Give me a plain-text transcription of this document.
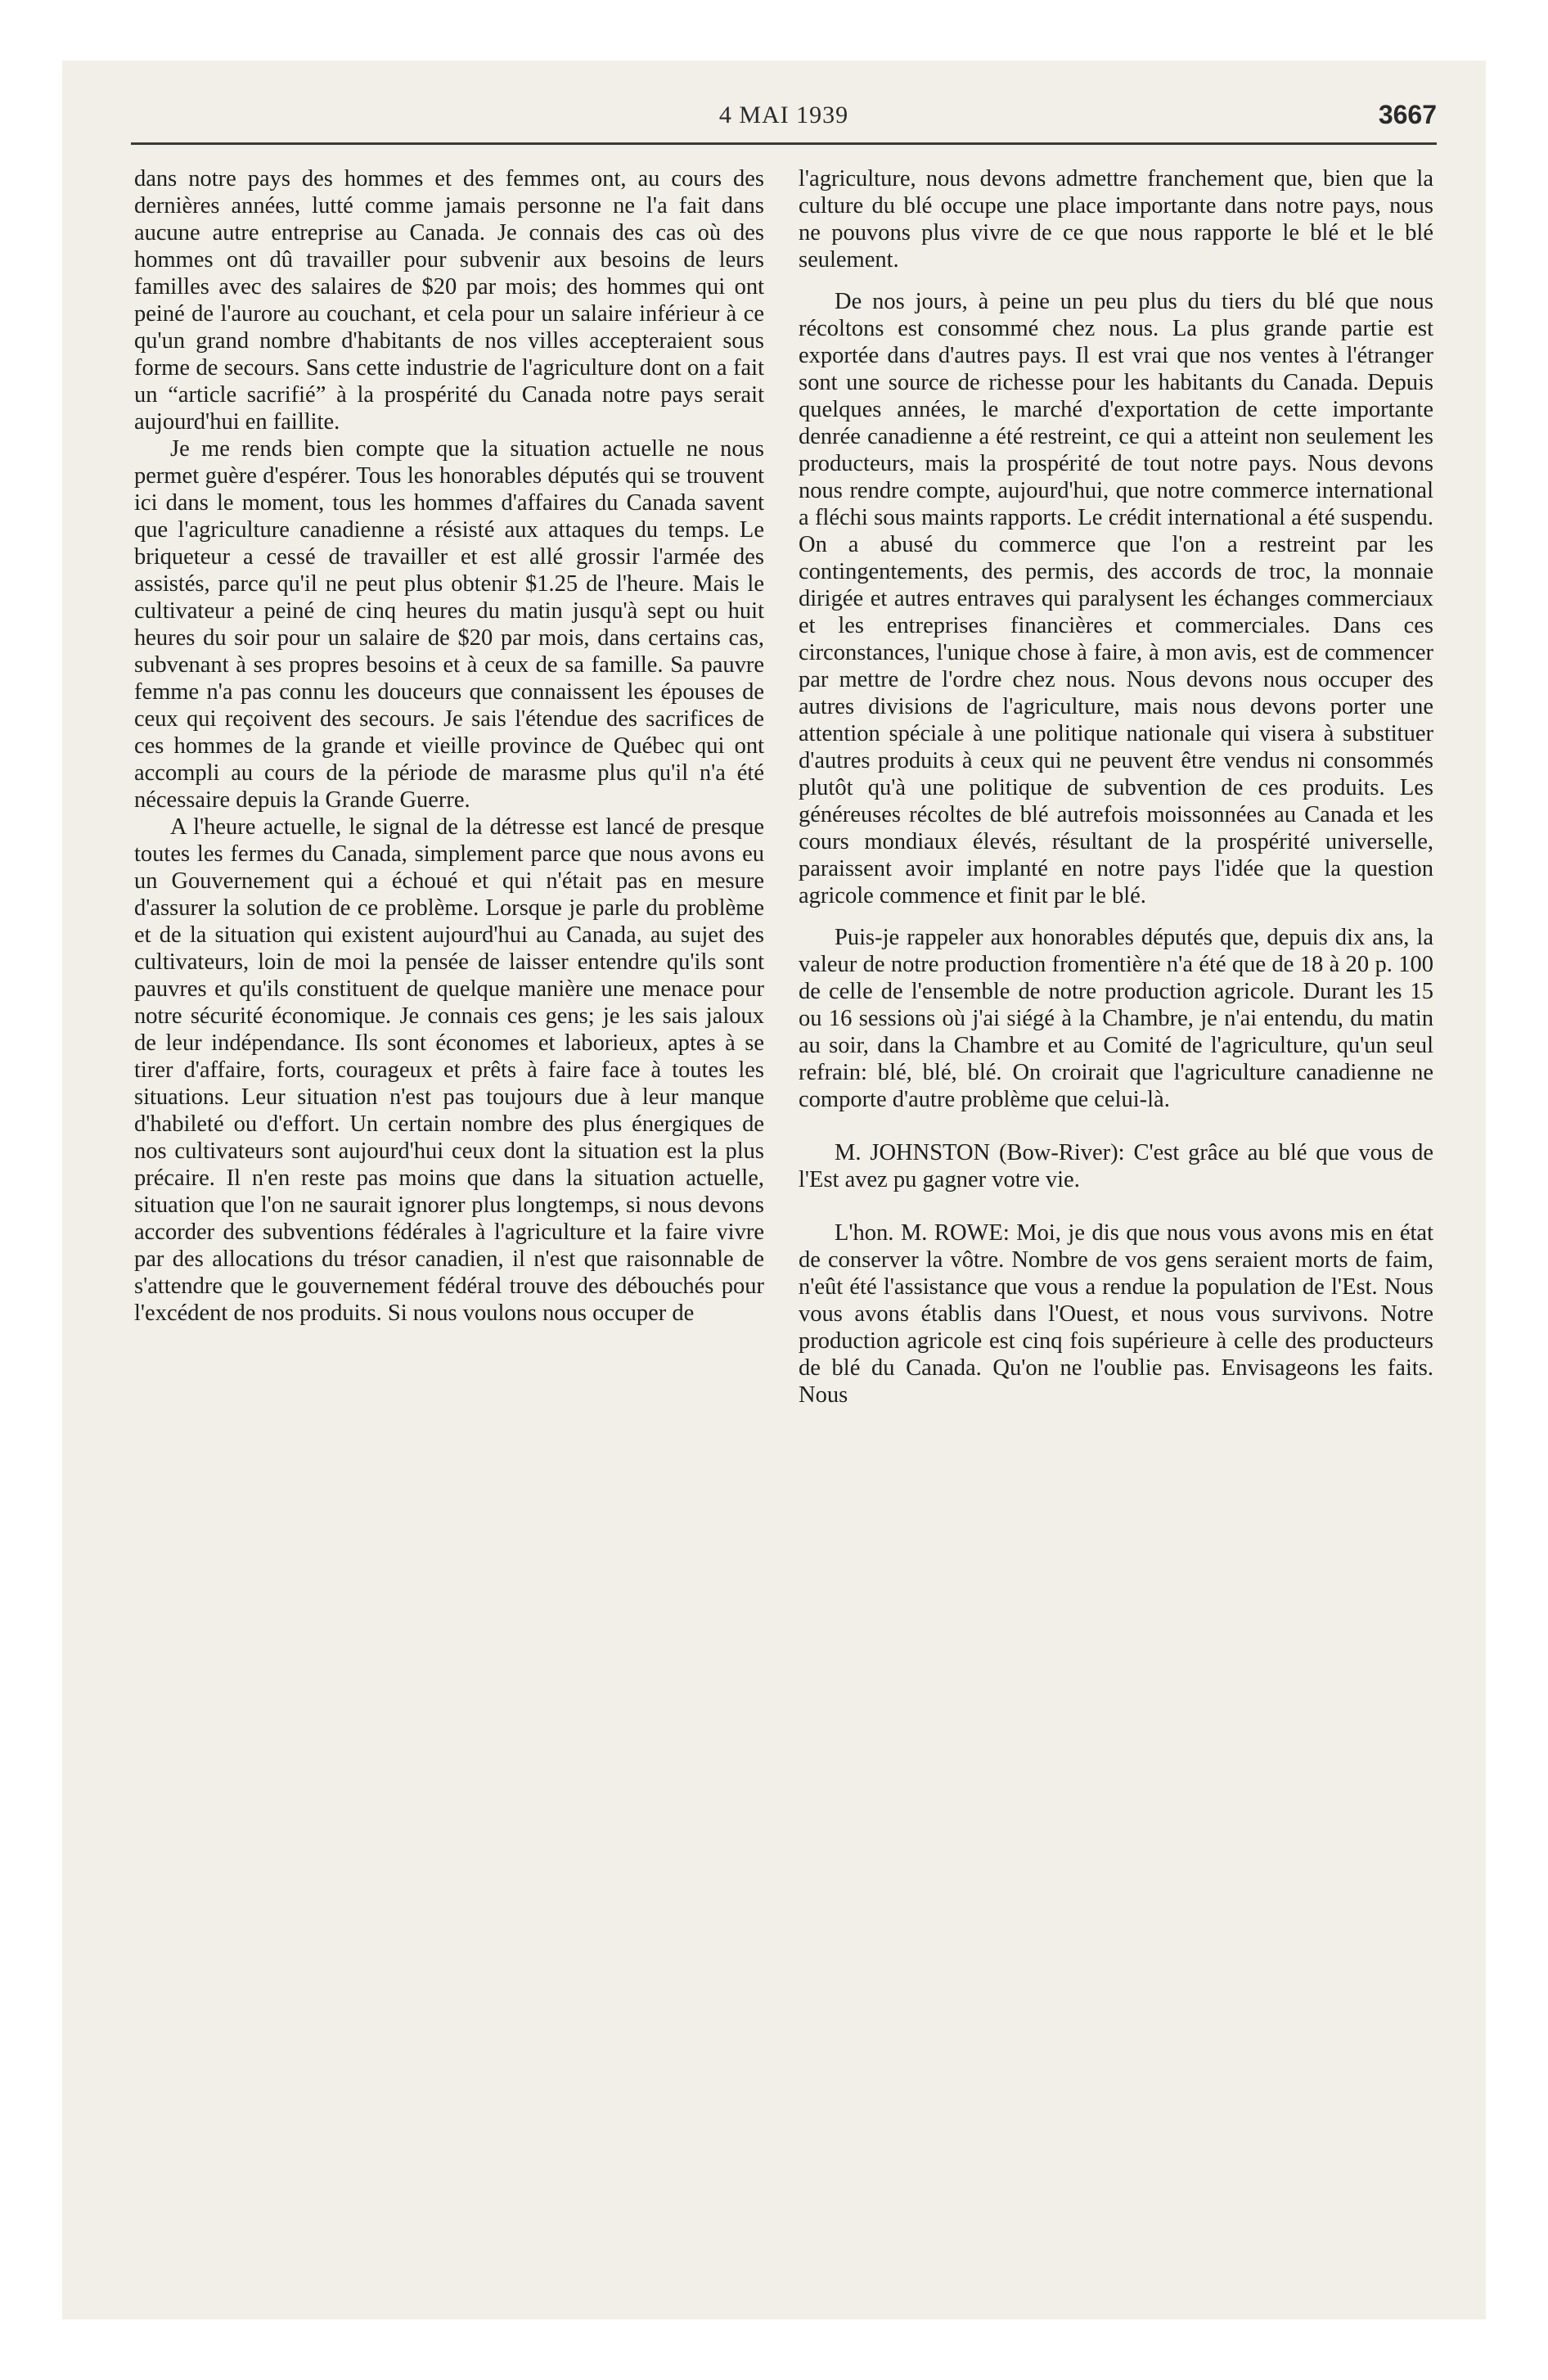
4 MAI 1939	3667

dans notre pays des hommes et des femmes ont, au cours des dernières années, lutté comme jamais personne ne l'a fait dans aucune autre entreprise au Canada. Je connais des cas où des hommes ont dû travailler pour subvenir aux besoins de leurs familles avec des salaires de $20 par mois; des hommes qui ont peiné de l'aurore au couchant, et cela pour un salaire inférieur à ce qu'un grand nombre d'habitants de nos villes accepteraient sous forme de secours. Sans cette industrie de l'agriculture dont on a fait un “article sacrifié” à la prospérité du Canada notre pays serait aujourd'hui en faillite.

Je me rends bien compte que la situation actuelle ne nous permet guère d'espérer. Tous les honorables députés qui se trouvent ici dans le moment, tous les hommes d'affaires du Canada savent que l'agriculture canadienne a résisté aux attaques du temps. Le briqueteur a cessé de travailler et est allé grossir l'armée des assistés, parce qu'il ne peut plus obtenir $1.25 de l'heure. Mais le cultivateur a peiné de cinq heures du matin jusqu'à sept ou huit heures du soir pour un salaire de $20 par mois, dans certains cas, subvenant à ses propres besoins et à ceux de sa famille. Sa pauvre femme n'a pas connu les douceurs que connaissent les épouses de ceux qui reçoivent des secours. Je sais l'étendue des sacrifices de ces hommes de la grande et vieille province de Québec qui ont accompli au cours de la période de marasme plus qu'il n'a été nécessaire depuis la Grande Guerre.

A l'heure actuelle, le signal de la détresse est lancé de presque toutes les fermes du Canada, simplement parce que nous avons eu un Gouvernement qui a échoué et qui n'était pas en mesure d'assurer la solution de ce problème. Lorsque je parle du problème et de la situation qui existent aujourd'hui au Canada, au sujet des cultivateurs, loin de moi la pensée de laisser entendre qu'ils sont pauvres et qu'ils constituent de quelque manière une menace pour notre sécurité économique. Je connais ces gens; je les sais jaloux de leur indépendance. Ils sont économes et laborieux, aptes à se tirer d'affaire, forts, courageux et prêts à faire face à toutes les situations. Leur situation n'est pas toujours due à leur manque d'habileté ou d'effort. Un certain nombre des plus énergiques de nos cultivateurs sont aujourd'hui ceux dont la situation est la plus précaire. Il n'en reste pas moins que dans la situation actuelle, situation que l'on ne saurait ignorer plus longtemps, si nous devons accorder des subventions fédérales à l'agriculture et la faire vivre par des allocations du trésor canadien, il n'est que raisonnable de s'attendre que le gouvernement fédéral trouve des débouchés pour l'excédent de nos produits. Si nous voulons nous occuper de

l'agriculture, nous devons admettre franchement que, bien que la culture du blé occupe une place importante dans notre pays, nous ne pouvons plus vivre de ce que nous rapporte le blé et le blé seulement.

De nos jours, à peine un peu plus du tiers du blé que nous récoltons est consommé chez nous. La plus grande partie est exportée dans d'autres pays. Il est vrai que nos ventes à l'étranger sont une source de richesse pour les habitants du Canada. Depuis quelques années, le marché d'exportation de cette importante denrée canadienne a été restreint, ce qui a atteint non seulement les producteurs, mais la prospérité de tout notre pays. Nous devons nous rendre compte, aujourd'hui, que notre commerce international a fléchi sous maints rapports. Le crédit international a été suspendu. On a abusé du commerce que l'on a restreint par les contingentements, des permis, des accords de troc, la monnaie dirigée et autres entraves qui paralysent les échanges commerciaux et les entreprises financières et commerciales. Dans ces circonstances, l'unique chose à faire, à mon avis, est de commencer par mettre de l'ordre chez nous. Nous devons nous occuper des autres divisions de l'agriculture, mais nous devons porter une attention spéciale à une politique nationale qui visera à substituer d'autres produits à ceux qui ne peuvent être vendus ni consommés plutôt qu'à une politique de subvention de ces produits. Les généreuses récoltes de blé autrefois moissonnées au Canada et les cours mondiaux élevés, résultant de la prospérité universelle, paraissent avoir implanté en notre pays l'idée que la question agricole commence et finit par le blé.

Puis-je rappeler aux honorables députés que, depuis dix ans, la valeur de notre production fromentière n'a été que de 18 à 20 p. 100 de celle de l'ensemble de notre production agricole. Durant les 15 ou 16 sessions où j'ai siégé à la Chambre, je n'ai entendu, du matin au soir, dans la Chambre et au Comité de l'agriculture, qu'un seul refrain: blé, blé, blé. On croirait que l'agriculture canadienne ne comporte d'autre problème que celui-là.

M. JOHNSTON (Bow-River): C'est grâce au blé que vous de l'Est avez pu gagner votre vie.

L'hon. M. ROWE: Moi, je dis que nous vous avons mis en état de conserver la vôtre. Nombre de vos gens seraient morts de faim, n'eût été l'assistance que vous a rendue la population de l'Est. Nous vous avons établis dans l'Ouest, et nous vous survivons. Notre production agricole est cinq fois supérieure à celle des producteurs de blé du Canada. Qu'on ne l'oublie pas. Envisageons les faits. Nous
